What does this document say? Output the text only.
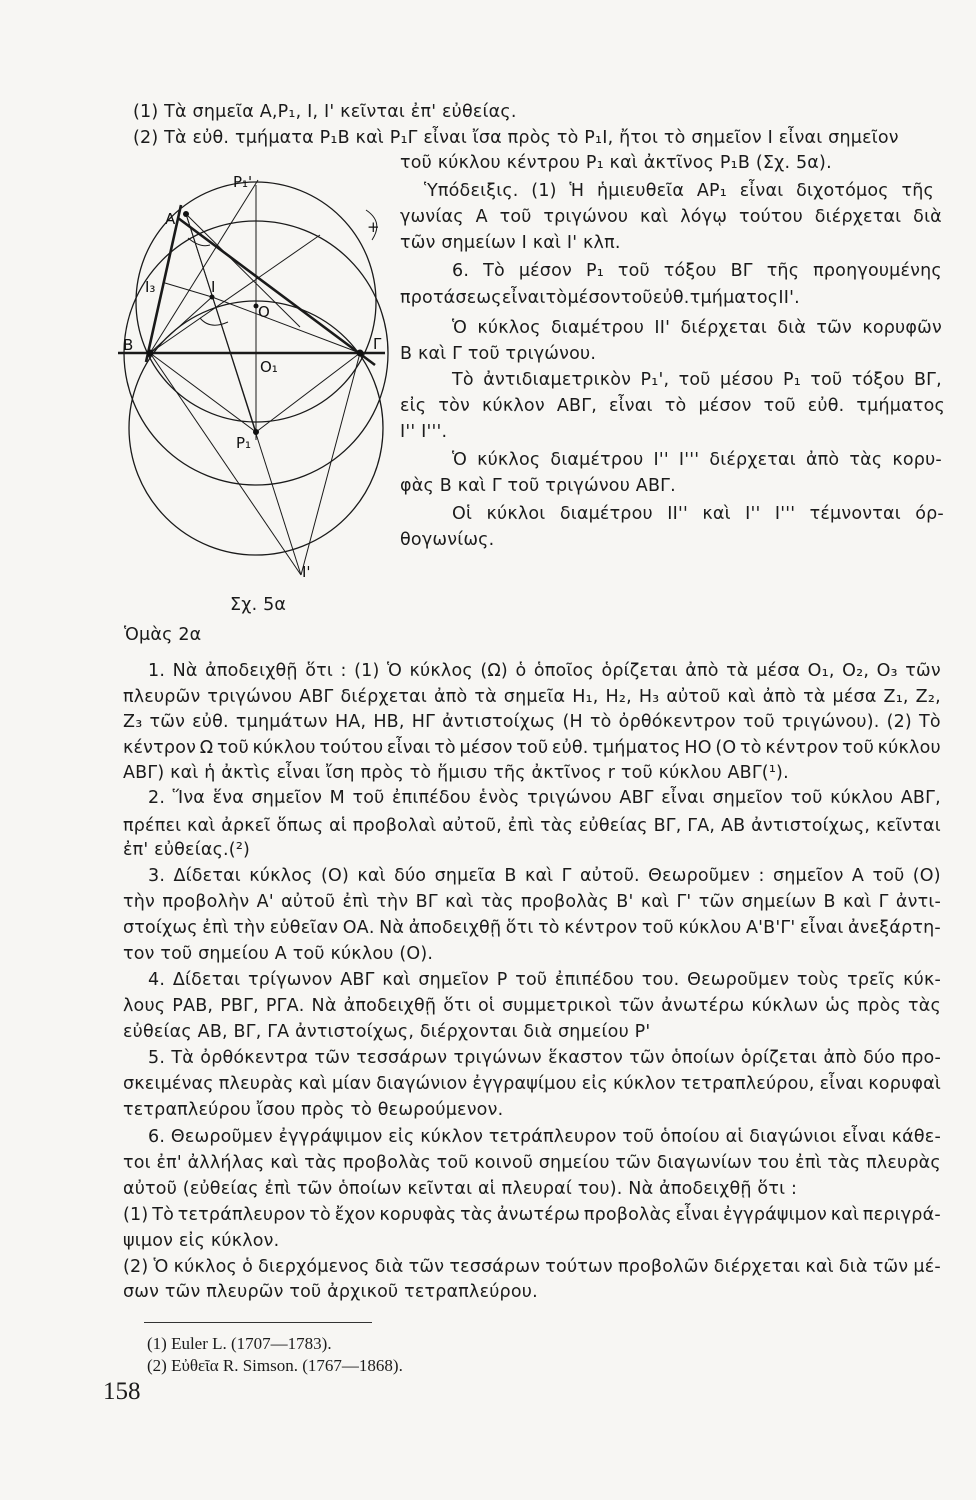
(1) Τὰ σημεῖα Α,Ρ₁, Ι, Ι' κεῖνται ἐπ' εὐθείας.
(2) Τὰ εὐθ. τμήματα Ρ₁Β καὶ Ρ₁Γ εἶναι ἴσα πρὸς τὸ Ρ₁Ι, ἤτοι τὸ σημεῖον Ι εἶναι σημεῖον
τοῦ κύκλου κέντρου Ρ₁ καὶ ἀκτῖνος Ρ₁Β (Σχ. 5α).
Ρ₁'
Α	+
Ι₃	Ι
Ο
Β	Γ
Ο₁
Ρ₁
Ι'
Σχ. 5α
Ὁμὰς 2α
Ὑπόδειξις. (1) Ἡ ἡμιευθεῖα ΑΡ₁ εἶναι διχοτόμος τῆς
γωνίας Α τοῦ τριγώνου καὶ λόγῳ τούτου διέρχεται διὰ
τῶν σημείων Ι καὶ Ι' κλπ.
6. Τὸ μέσον Ρ₁ τοῦ τόξου ΒΓ τῆς προηγουμένης
προτάσεως εἶναι τὸ μέσον τοῦ εὐθ. τμήματος ΙΙ'.
Ὁ κύκλος διαμέτρου ΙΙ' διέρχεται διὰ τῶν κορυφῶν
Β καὶ Γ τοῦ τριγώνου.
Τὸ ἀντιδιαμετρικὸν Ρ₁', τοῦ μέσου Ρ₁ τοῦ τόξου ΒΓ,
εἰς τὸν κύκλον ΑΒΓ, εἶναι τὸ μέσον τοῦ εὐθ. τμήματος
Ι'' Ι'''.
Ὁ κύκλος διαμέτρου Ι'' Ι''' διέρχεται ἀπὸ τὰς κορυ-
φὰς Β καὶ Γ τοῦ τριγώνου ΑΒΓ.
Οἱ κύκλοι διαμέτρου ΙΙ'' καὶ Ι'' Ι''' τέμνονται όρ-
θογωνίως.
1. Νὰ ἀποδειχθῇ ὅτι : (1) Ὁ κύκλος (Ω) ὁ ὁποῖος ὁρίζεται ἀπὸ τὰ μέσα Ο₁, Ο₂, Ο₃ τῶν
πλευρῶν τριγώνου ΑΒΓ διέρχεται ἀπὸ τὰ σημεῖα Η₁, Η₂, Η₃ αὐτοῦ καὶ ἀπὸ τὰ μέσα Ζ₁, Ζ₂,
Ζ₃ τῶν εὐθ. τμημάτων ΗΑ, ΗΒ, ΗΓ ἀντιστοίχως (Η τὸ ὀρθόκεντρον τοῦ τριγώνου). (2) Τὸ
κέντρον Ω τοῦ κύκλου τούτου εἶναι τὸ μέσον τοῦ εὐθ. τμήματος ΗΟ (Ο τὸ κέντρον τοῦ κύκλου
ΑΒΓ) καὶ ἡ ἀκτὶς εἶναι ἴση πρὸς τὸ ἥμισυ τῆς ἀκτῖνος r τοῦ κύκλου ΑΒΓ(¹).
2. Ἵνα ἕνα σημεῖον Μ τοῦ ἐπιπέδου ἑνὸς τριγώνου ΑΒΓ εἶναι σημεῖον τοῦ κύκλου ΑΒΓ,
πρέπει καὶ ἀρκεῖ ὅπως αἱ προβολαὶ αὐτοῦ, ἐπὶ τὰς εὐθείας ΒΓ, ΓΑ, ΑΒ ἀντιστοίχως, κεῖνται
ἐπ' εὐθείας.(²)
3. Δίδεται κύκλος (Ο) καὶ δύο σημεῖα Β καὶ Γ αὐτοῦ. Θεωροῦμεν : σημεῖον Α τοῦ (Ο)
τὴν προβολὴν Α' αὐτοῦ ἐπὶ τὴν ΒΓ καὶ τὰς προβολὰς Β' καὶ Γ' τῶν σημείων Β καὶ Γ ἀντι-
στοίχως ἐπὶ τὴν εὐθεῖαν ΟΑ. Νὰ ἀποδειχθῇ ὅτι τὸ κέντρον τοῦ κύκλου Α'Β'Γ' εἶναι ἀνεξάρτη-
τον τοῦ σημείου Α τοῦ κύκλου (Ο).
4. Δίδεται τρίγωνον ΑΒΓ καὶ σημεῖον Ρ τοῦ ἐπιπέδου του. Θεωροῦμεν τοὺς τρεῖς κύκ-
λους ΡΑΒ, ΡΒΓ, ΡΓΑ. Νὰ ἀποδειχθῇ ὅτι οἱ συμμετρικοὶ τῶν ἀνωτέρω κύκλων ὡς πρὸς τὰς
εὐθείας ΑΒ, ΒΓ, ΓΑ ἀντιστοίχως, διέρχονται διὰ σημείου Ρ'
5. Τὰ ὀρθόκεντρα τῶν τεσσάρων τριγώνων ἕκαστον τῶν ὁποίων ὁρίζεται ἀπὸ δύο προ-
σκειμένας πλευρὰς καὶ μίαν διαγώνιον ἐγγραψίμου εἰς κύκλον τετραπλεύρου, εἶναι κορυφαὶ
τετραπλεύρου ἴσου πρὸς τὸ θεωρούμενον.
6. Θεωροῦμεν ἐγγράψιμον εἰς κύκλον τετράπλευρον τοῦ ὁποίου αἱ διαγώνιοι εἶναι κάθε-
τοι ἐπ' ἀλλήλας καὶ τὰς προβολὰς τοῦ κοινοῦ σημείου τῶν διαγωνίων του ἐπὶ τὰς πλευρὰς
αὐτοῦ (εὐθείας ἐπὶ τῶν ὁποίων κεῖνται αἱ πλευραί του). Νὰ ἀποδειχθῇ ὅτι :
(1) Τὸ τετράπλευρον τὸ ἔχον κορυφὰς τὰς ἀνωτέρω προβολὰς εἶναι ἐγγράψιμον καὶ περιγρά-
ψιμον εἰς κύκλον.
(2) Ὁ κύκλος ὁ διερχόμενος διὰ τῶν τεσσάρων τούτων προβολῶν διέρχεται καὶ διὰ τῶν μέ-
σων τῶν πλευρῶν τοῦ ἀρχικοῦ τετραπλεύρου.
(1) Euler L. (1707—1783).
(2) Εὐθεῖα R. Simson. (1767—1868).
158
